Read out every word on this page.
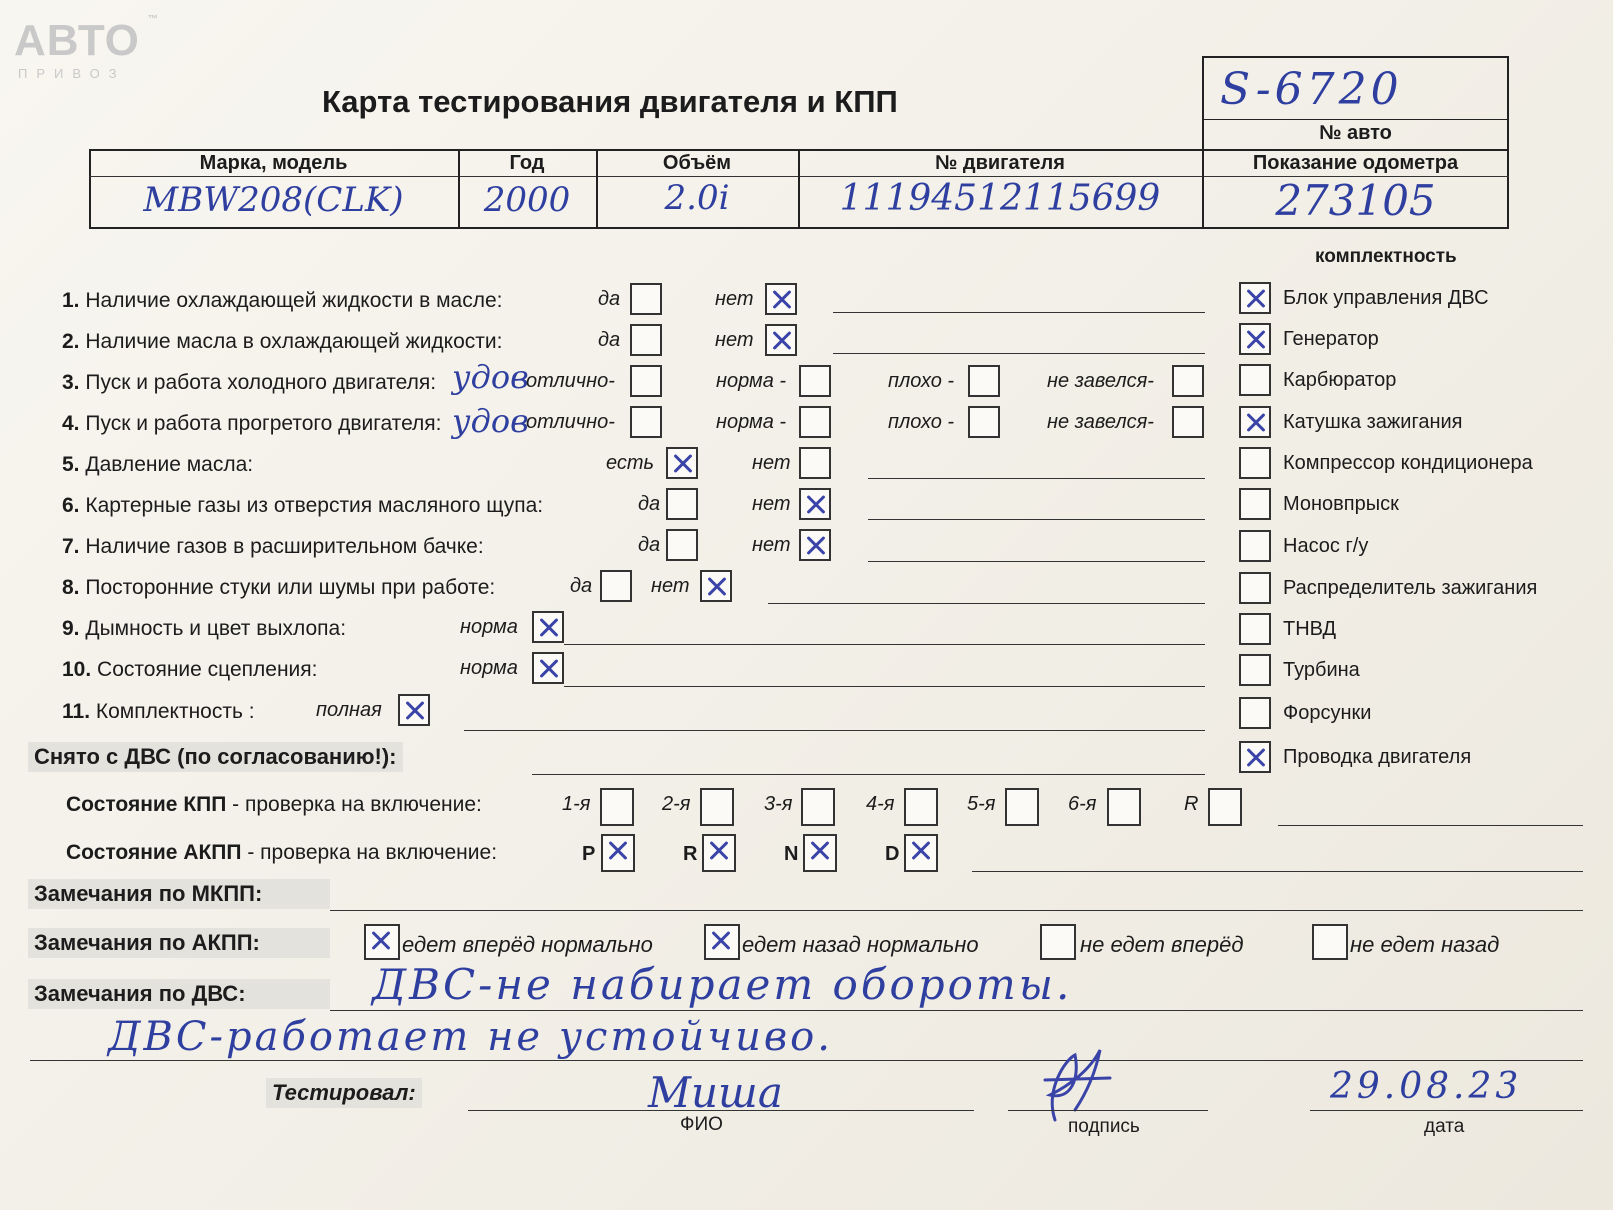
АВТО
ПРИВОЗ
™
Карта тестирования двигателя и КПП	S-6720
№ авто
Марка, модель	Год	Объём	№ двигателя	Показание одометра
MBW208(CLK)	2000	2.0і	11194512115699	273105
комплектность
Блок управления ДВС
Генератор
Карбюратор
Катушка зажигания
Компрессор кондиционера
Моновпрыск
Насос г/у
Распределитель зажигания
ТНВД
Турбина
Форсунки
Проводка двигателя
1. Наличие охлаждающей жидкости в масле:	да	нет
2. Наличие масла в охлаждающей жидкости:	да	нет
3. Пуск и работа холодного двигателя: удов
отлично-	норма -	плохо -	не завелся-
4. Пуск и работа прогретого двигателя: удов
отлично-	норма -	плохо -	не завелся-
5. Давление масла:	есть	нет
6. Картерные газы из отверстия масляного щупа:	да	нет
7. Наличие газов в расширительном бачке:	да	нет
8. Посторонние стуки или шумы при работе:	да	нет
9. Дымность и цвет выхлопа:	норма
10. Состояние сцепления:	норма
11. Комплектность :	полная
Снято с ДВС (по согласованию!):
Состояние КПП - проверка на включение:	1-я	2-я	3-я	4-я	5-я	6-я	R
Состояние АКПП - проверка на включение:	P	R	N	D
Замечания по МКПП:
Замечания по АКПП:	едет вперёд нормально	едет назад нормально	не едет вперёд	не едет назад
Замечания по ДВС:	ДВС-не набирает обороты.
ДВС-работает не устойчиво.
Тестировал:	Миша
ФИО	подпись
29.08.23
дата
